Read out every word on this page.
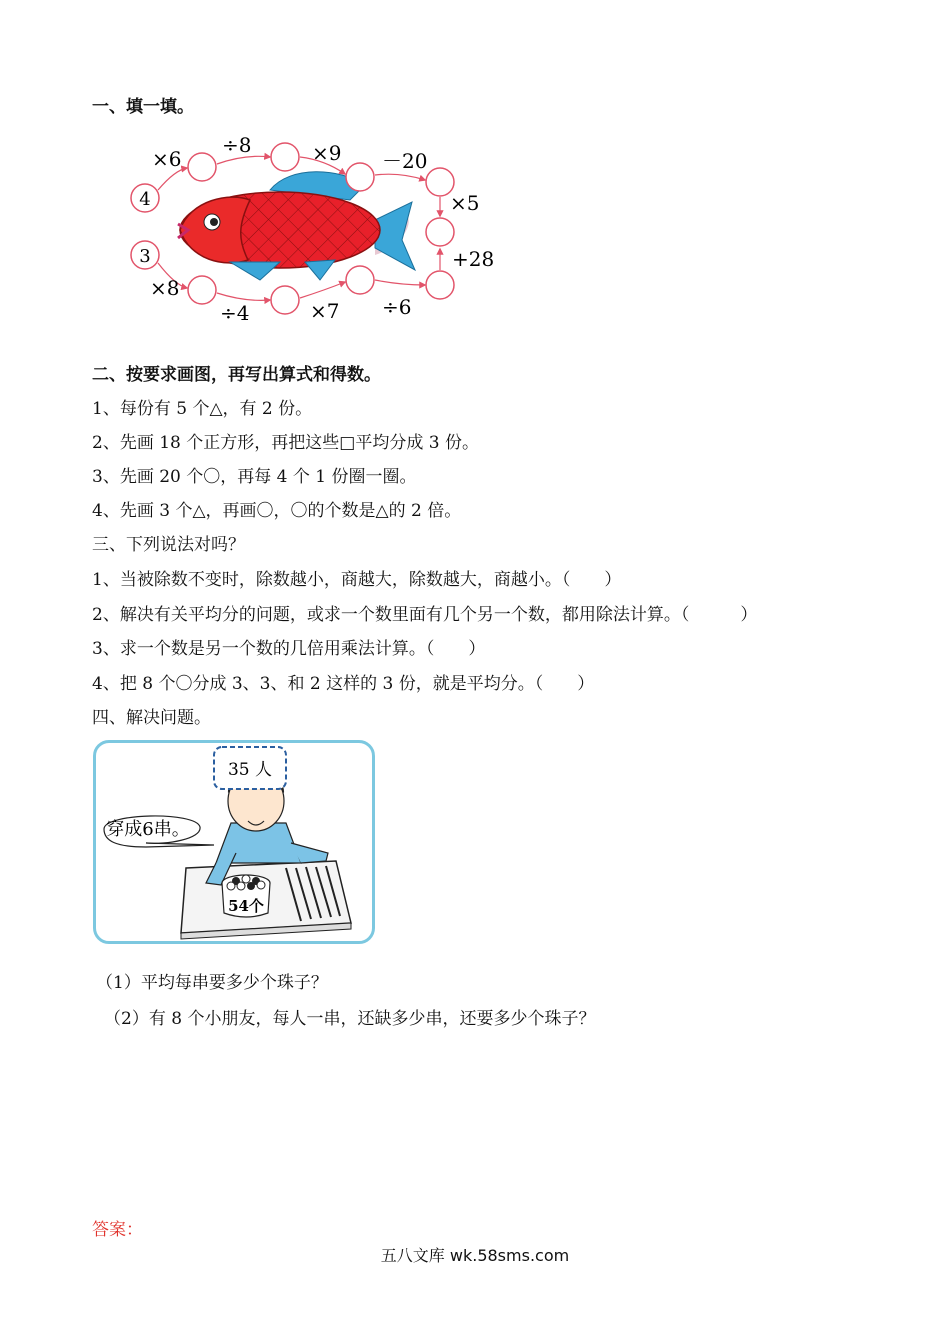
一、填一填。
4
3
×6
÷8	×9 －20
×5
+28
×8
÷4	×7 ÷6
二、按要求画图，再写出算式和得数。
1、每份有 5 个△，有 2 份。
2、先画 18 个正方形，再把这些□平均分成 3 份。
3、先画 20 个〇，再每 4 个 1 份圈一圈。
4、先画 3 个△，再画〇，〇的个数是△的 2 倍。
三、下列说法对吗？
1、当被除数不变时，除数越小，商越大，除数越大，商越小。（　　）
2、解决有关平均分的问题，或求一个数里面有几个另一个数，都用除法计算。（　　　）
3、求一个数是另一个数的几倍用乘法计算。（　　）
4、把 8 个〇分成 3、3、和 2 这样的 3 份，就是平均分。（　　）
四、解决问题。
35 人
穿成6串。
54个
（1）平均每串要多少个珠子？
（2）有 8 个小朋友，每人一串，还缺多少串，还要多少个珠子？
答案：
五八文库 wk.58sms.com
